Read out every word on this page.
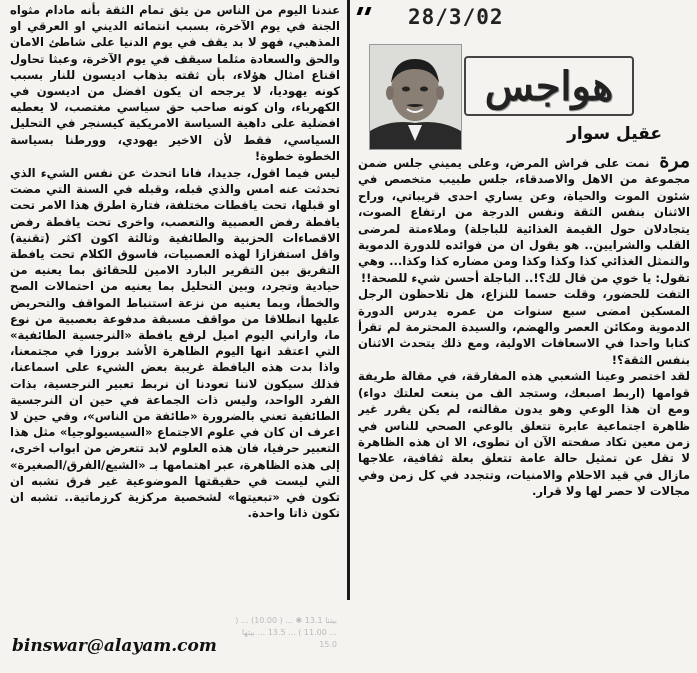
عندنا اليوم من الناس من يثق تمام الثقة بأنه مادام مثواه الجنة في يوم الآخرة، بسبب انتمائه الديني او العرقي او المذهبي، فهو لا بد يقف في يوم الدنيا على شاطئ الامان والحق والسعادة مثلما سيقف في يوم الآخرة، وعبثا تحاول اقناع امثال هؤلاء، بأن ثقته بذهاب اديسون للنار بسبب كونه يهوديا، لا يرجحه ان يكون افضل من اديسون في الكهرباء، وان كونه صاحب حق سياسي مغتصب، لا يعطيه افضلية على داهية السياسة الامريكية كيسنجر في التحليل السياسي، فقط لأن الاخير يهودي، وورطنا بسياسة الخطوة خطوة!

ليس فيما اقول، جديدا، فانا اتحدث عن نفس الشيء الذي تحدثت عنه امس والذي قبله، وقبله في السنة التي مضت او قبلها، تحت يافطات مختلفة، فتارة اطرق هذا الامر تحت يافطة رفض العصبية والتعصب، واخرى تحت يافطة رفض الاقصاءات الحزبية والطائفية وثالثة اكون اكثر (تقنية) واقل استفزازا لهذه العصبيات، فاسوق الكلام تحت يافطة التفريق بين التقرير البارد الامين للحقائق بما يعنيه من حيادية وتجرد، وبين التحليل بما يعنيه من احتمالات الصح والخطأ، وبما يعنيه من نزعة استنباط المواقف والتحريض عليها انطلاقا من مواقف مسبقة مدفوعة بعصبية من نوع ما، واراني اليوم اميل لرفع يافطة «النرجسية الطائفية» التي اعتقد انها اليوم الظاهرة الأشد بروزا في مجتمعنا، واذا بدت هذه اليافطة غريبة بعض الشيء على اسماعنا، فذلك سيكون لاننا تعودنا ان نربط تعبير النرجسية، بذات الفرد الواحد، وليس ذات الجماعة في حين ان النرجسية الطائفية تعني بالضرورة «طائفة من الناس»، وفي حين لا اعرف ان كان في علوم الاجتماع «السيسيولوجيا» مثل هذا التعبير حرفيا، فان هذه العلوم لابد تتعرض من ابواب اخرى، إلى هذه الظاهرة، عبر اهتمامها بـ «الشيع/الفرق/الصغيرة» التي ليست في حقيقتها الموضوعية غير فرق تشبه ان تكون في «تبعيتها» لشخصية مركزية كرزماتية.. تشبه ان تكون ذاتا واحدة.

بيتنا 13.1 ✱ ... ( 10.00) ... ( ... 11.00 ) ... 13.5 ... بيتها 15.0
binswar@alayam.com
28/3/02
هواجس
عقيل سوار

مرة نمت على فراش المرض، وعلى يميني جلس ضمن مجموعة من الاهل والاصدقاء، جلس طبيب متخصص في شئون الموت والحياة، وعن يساري احدى قريباتي، وراح الاثنان بنفس الثقة ونفس الدرجة من ارتفاع الصوت، يتجادلان حول القيمة الغذائية للباجلة) وملاءمتة لمرضى القلب والشرايين.. هو يقول ان من فوائده للدورة الدموية والتمثل الغذائي كذا وكذا وكذا ومن مضاره كذا وكذا... وهي تقول: يا خوي من قال لك؟!.. الباجلة أحسن شيء للصحة!!

التفت للحضور، وقلت حسما للنزاع، هل تلاحظون الرجل المسكين امضى سبع سنوات من عمره يدرس الدورة الدموية ومكائن العصر والهضم، والسيدة المحترمة لم تقرأ كتابا واحدا في الاسعافات الاولية، ومع ذلك يتحدث الاثنان بنفس الثقة؟!

لقد اختصر وعينا الشعبي هذه المفارقة، في مقالة طريفة قوامها (اربط اصبعك، وستجد الف من ينعت لعلتك دواء) ومع ان هذا الوعي وهو يدون مقالته، لم يكن يقرر غير ظاهرة اجتماعية عابرة تتعلق بالوعي الصحي للناس في زمن معين تكاد صفحته الآن ان تطوى، الا ان هذه الظاهرة لا تقل عن تمثيل حالة عامة تتعلق بعلة ثقافية، علاجها مازال في قيد الاحلام والامنيات، وتتجدد في كل زمن وفي مجالات لا حصر لها ولا قرار.
